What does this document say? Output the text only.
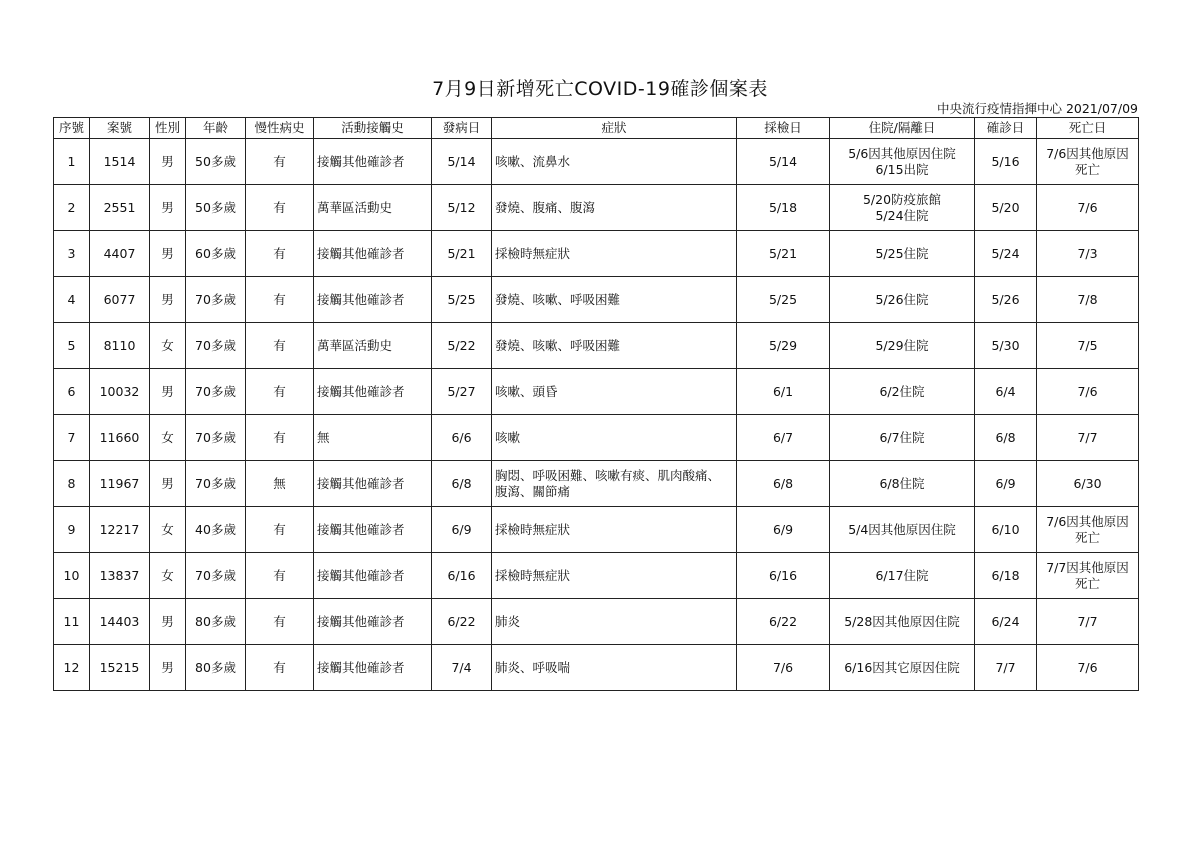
7月9日新增死亡COVID-19確診個案表
中央流行疫情指揮中心 2021/07/09
序號	案號	性別	年齡	慢性病史	活動接觸史	發病日	症狀	採檢日	住院/隔離日	確診日	死亡日
1	1514	男	50多歲	有	接觸其他確診者	5/14	咳嗽、流鼻水	5/14	5/6因其他原因住院
6/15出院	5/16	7/6因其他原因死亡
2	2551	男	50多歲	有	萬華區活動史	5/12	發燒、腹痛、腹瀉	5/18	5/20防疫旅館
5/24住院	5/20	7/6
3	4407	男	60多歲	有	接觸其他確診者	5/21	採檢時無症狀	5/21	5/25住院	5/24	7/3
4	6077	男	70多歲	有	接觸其他確診者	5/25	發燒、咳嗽、呼吸困難	5/25	5/26住院	5/26	7/8
5	8110	女	70多歲	有	萬華區活動史	5/22	發燒、咳嗽、呼吸困難	5/29	5/29住院	5/30	7/5
6	10032	男	70多歲	有	接觸其他確診者	5/27	咳嗽、頭昏	6/1	6/2住院	6/4	7/6
7	11660	女	70多歲	有	無	6/6	咳嗽	6/7	6/7住院	6/8	7/7
8	11967	男	70多歲	無	接觸其他確診者	6/8	胸悶、呼吸困難、咳嗽有痰、肌肉酸痛、
腹瀉、關節痛	6/8	6/8住院	6/9	6/30
9	12217	女	40多歲	有	接觸其他確診者	6/9	採檢時無症狀	6/9	5/4因其他原因住院	6/10	7/6因其他原因死亡
10	13837	女	70多歲	有	接觸其他確診者	6/16	採檢時無症狀	6/16	6/17住院	6/18	7/7因其他原因死亡
11	14403	男	80多歲	有	接觸其他確診者	6/22	肺炎	6/22	5/28因其他原因住院	6/24	7/7
12	15215	男	80多歲	有	接觸其他確診者	7/4	肺炎、呼吸喘	7/6	6/16因其它原因住院	7/7	7/6
